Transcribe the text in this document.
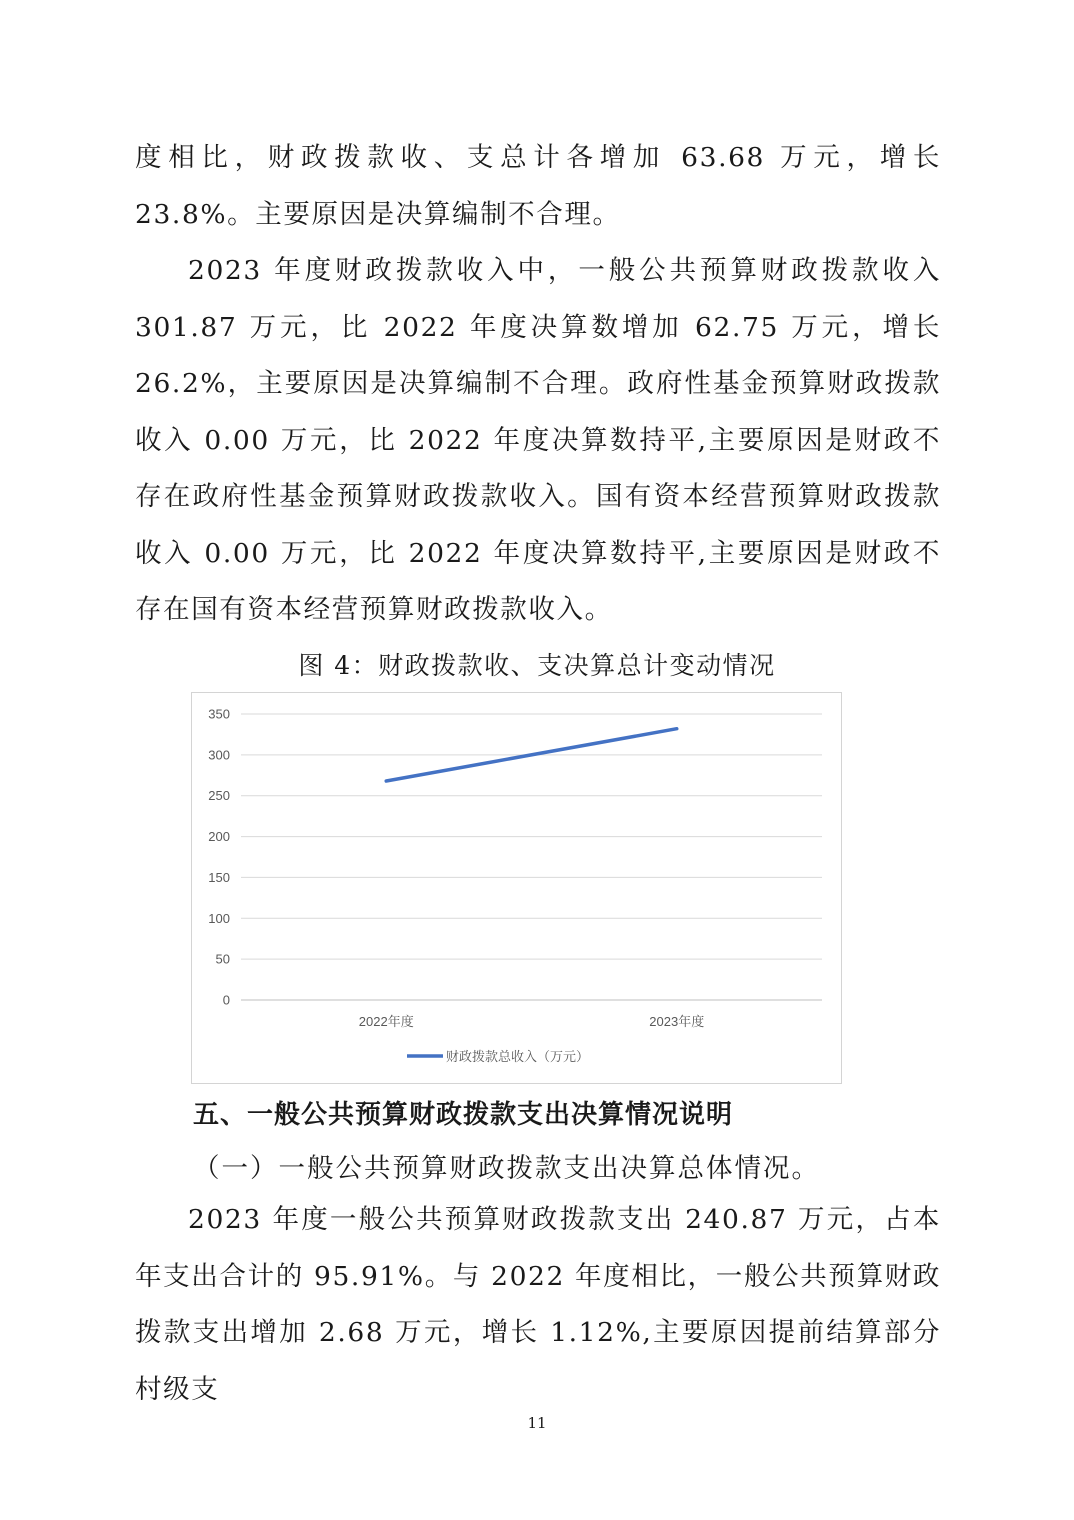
度相比，财政拨款收、支总计各增加 63.68 万元，增长 23.8%。主要原因是决算编制不合理。

2023 年度财政拨款收入中，一般公共预算财政拨款收入 301.87 万元，比 2022 年度决算数增加 62.75 万元，增长 26.2%，主要原因是决算编制不合理。政府性基金预算财政拨款收入 0.00 万元，比 2022 年度决算数持平,主要原因是财政不存在政府性基金预算财政拨款收入。国有资本经营预算财政拨款收入 0.00 万元，比 2022 年度决算数持平,主要原因是财政不存在国有资本经营预算财政拨款收入。

图 4：财政拨款收、支决算总计变动情况

0
50
100
150
200
250
300
350
2022年度	2023年度
财政拨款总收入（万元）

五、一般公共预算财政拨款支出决算情况说明

（一）一般公共预算财政拨款支出决算总体情况。

2023 年度一般公共预算财政拨款支出 240.87 万元，占本年支出合计的 95.91%。与 2022 年度相比，一般公共预算财政拨款支出增加 2.68 万元，增长 1.12%,主要原因提前结算部分村级支

11
